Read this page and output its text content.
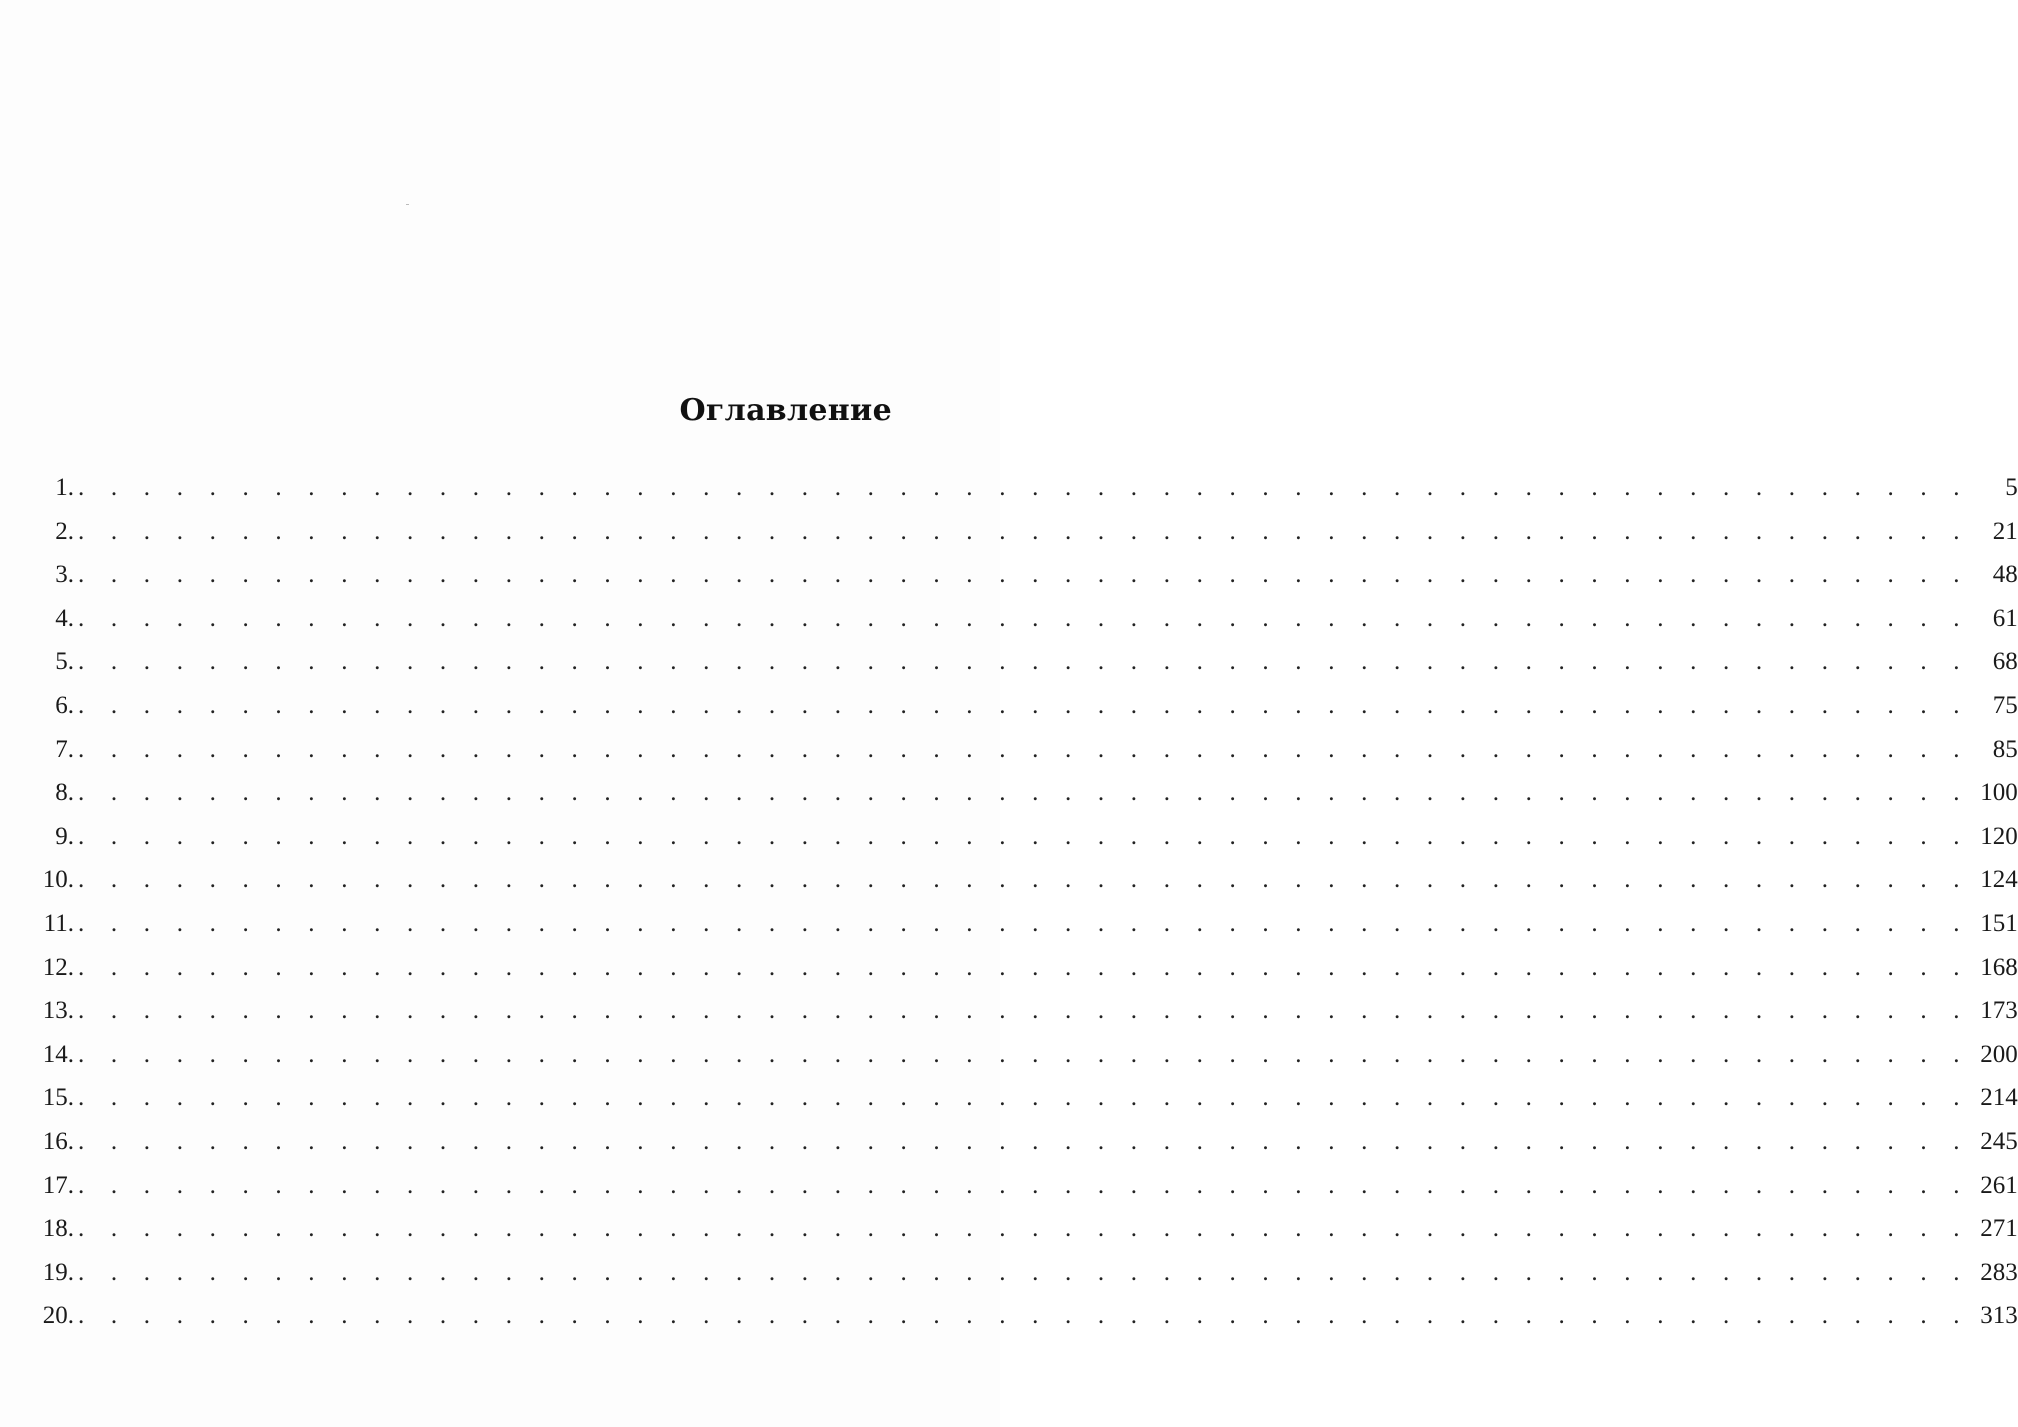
Оглавление
1. . . . . . . . . . . . . . . . . . . . . . . . . . . . . . . . . . . . . . . . . . . . . . . . . . . . . . . . . . .	5
2. . . . . . . . . . . . . . . . . . . . . . . . . . . . . . . . . . . . . . . . . . . . . . . . . . . . . . . . . . . 21
3. . . . . . . . . . . . . . . . . . . . . . . . . . . . . . . . . . . . . . . . . . . . . . . . . . . . . . . . . . . 48
4. . . . . . . . . . . . . . . . . . . . . . . . . . . . . . . . . . . . . . . . . . . . . . . . . . . . . . . . . . . 61
5. . . . . . . . . . . . . . . . . . . . . . . . . . . . . . . . . . . . . . . . . . . . . . . . . . . . . . . . . . . 68
6. . . . . . . . . . . . . . . . . . . . . . . . . . . . . . . . . . . . . . . . . . . . . . . . . . . . . . . . . . . 75
7. . . . . . . . . . . . . . . . . . . . . . . . . . . . . . . . . . . . . . . . . . . . . . . . . . . . . . . . . . . 85
8. . . . . . . . . . . . . . . . . . . . . . . . . . . . . . . . . . . . . . . . . . . . . . . . . . . . . . . . . . . 100
9. . . . . . . . . . . . . . . . . . . . . . . . . . . . . . . . . . . . . . . . . . . . . . . . . . . . . . . . . . . 120
10. . . . . . . . . . . . . . . . . . . . . . . . . . . . . . . . . . . . . . . . . . . . . . . . . . . . . . . . . . . 124
11. . . . . . . . . . . . . . . . . . . . . . . . . . . . . . . . . . . . . . . . . . . . . . . . . . . . . . . . . . . 151
12. . . . . . . . . . . . . . . . . . . . . . . . . . . . . . . . . . . . . . . . . . . . . . . . . . . . . . . . . . . 168
13. . . . . . . . . . . . . . . . . . . . . . . . . . . . . . . . . . . . . . . . . . . . . . . . . . . . . . . . . . . 173
14. . . . . . . . . . . . . . . . . . . . . . . . . . . . . . . . . . . . . . . . . . . . . . . . . . . . . . . . . . . 200
15. . . . . . . . . . . . . . . . . . . . . . . . . . . . . . . . . . . . . . . . . . . . . . . . . . . . . . . . . . . 214
16. . . . . . . . . . . . . . . . . . . . . . . . . . . . . . . . . . . . . . . . . . . . . . . . . . . . . . . . . . . 245
17. . . . . . . . . . . . . . . . . . . . . . . . . . . . . . . . . . . . . . . . . . . . . . . . . . . . . . . . . . . 261
18. . . . . . . . . . . . . . . . . . . . . . . . . . . . . . . . . . . . . . . . . . . . . . . . . . . . . . . . . . . 271
19. . . . . . . . . . . . . . . . . . . . . . . . . . . . . . . . . . . . . . . . . . . . . . . . . . . . . . . . . . . 283
20. . . . . . . . . . . . . . . . . . . . . . . . . . . . . . . . . . . . . . . . . . . . . . . . . . . . . . . . . . . 313
